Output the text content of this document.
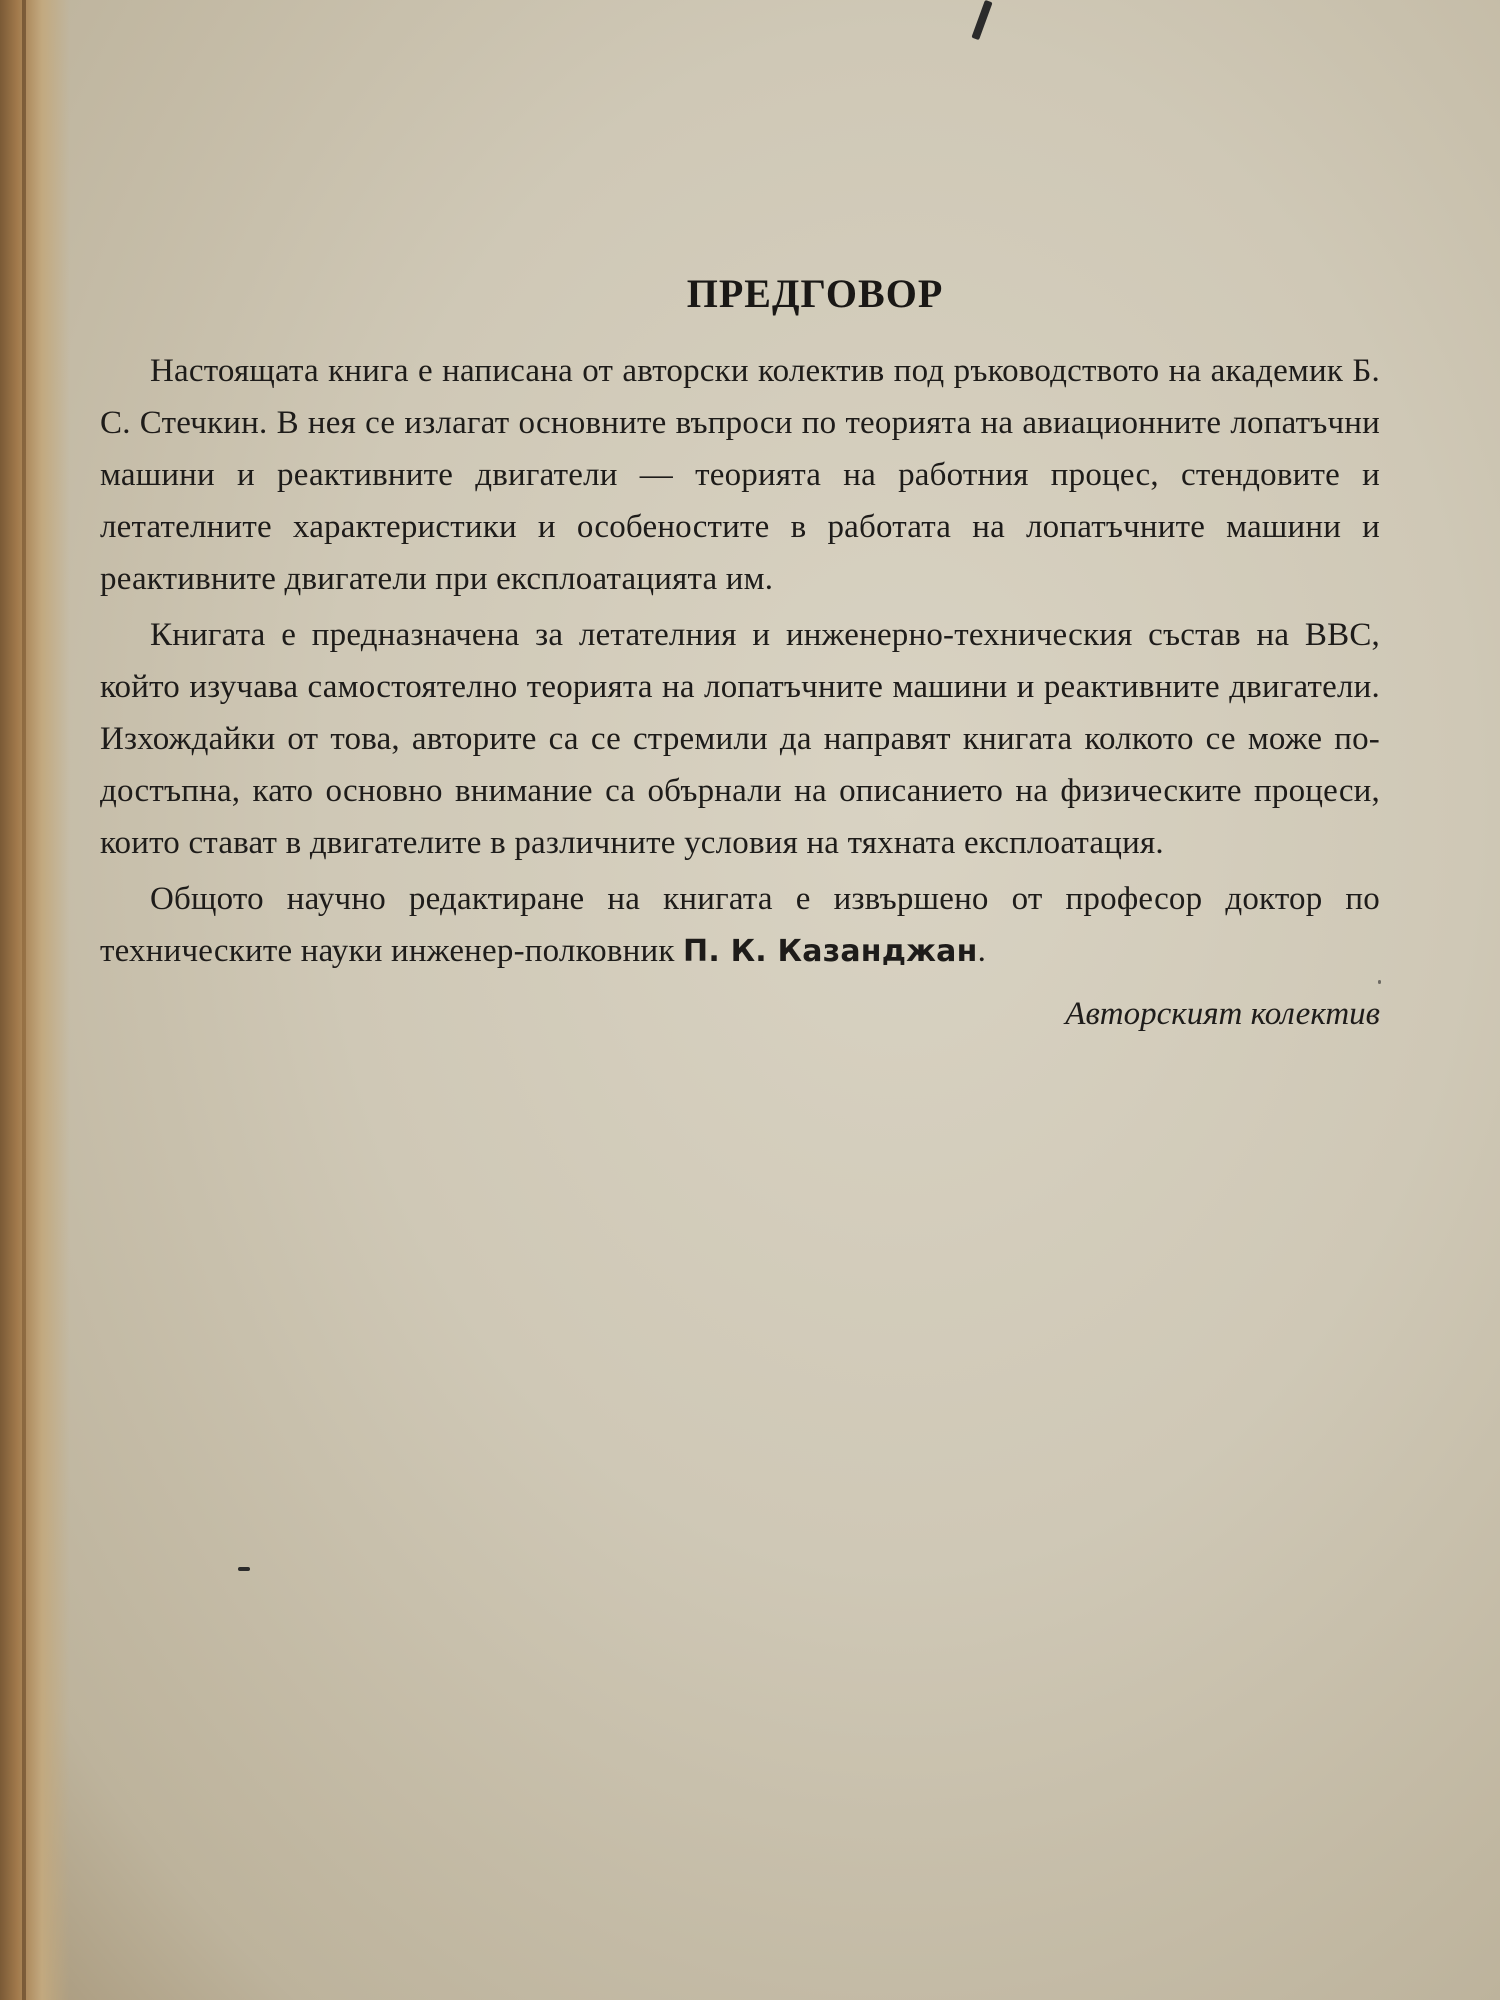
ПРЕДГОВОР

Настоящата книга е написана от авторски колектив под ръководството на академик Б. С. Стечкин. В нея се излагат основните въпроси по теорията на авиационните лопатъчни машини и реактивните двигатели — теорията на работния процес, стендовите и летателните характеристики и особеностите в работата на лопатъчните машини и реактивните двигатели при експлоатацията им.

Книгата е предназначена за летателния и инженерно-техническия състав на ВВС, който изучава самостоятелно теорията на лопатъчните машини и реактивните двигатели. Изхождайки от това, авторите са се стремили да направят книгата колкото се може по-достъпна, като основно внимание са обърнали на описанието на физическите процеси, които стават в двигателите в различните условия на тяхната експлоатация.

Общото научно редактиране на книгата е извършено от професор доктор по техническите науки инженер-полковник П. К. Казанджан.

Авторският колектив
